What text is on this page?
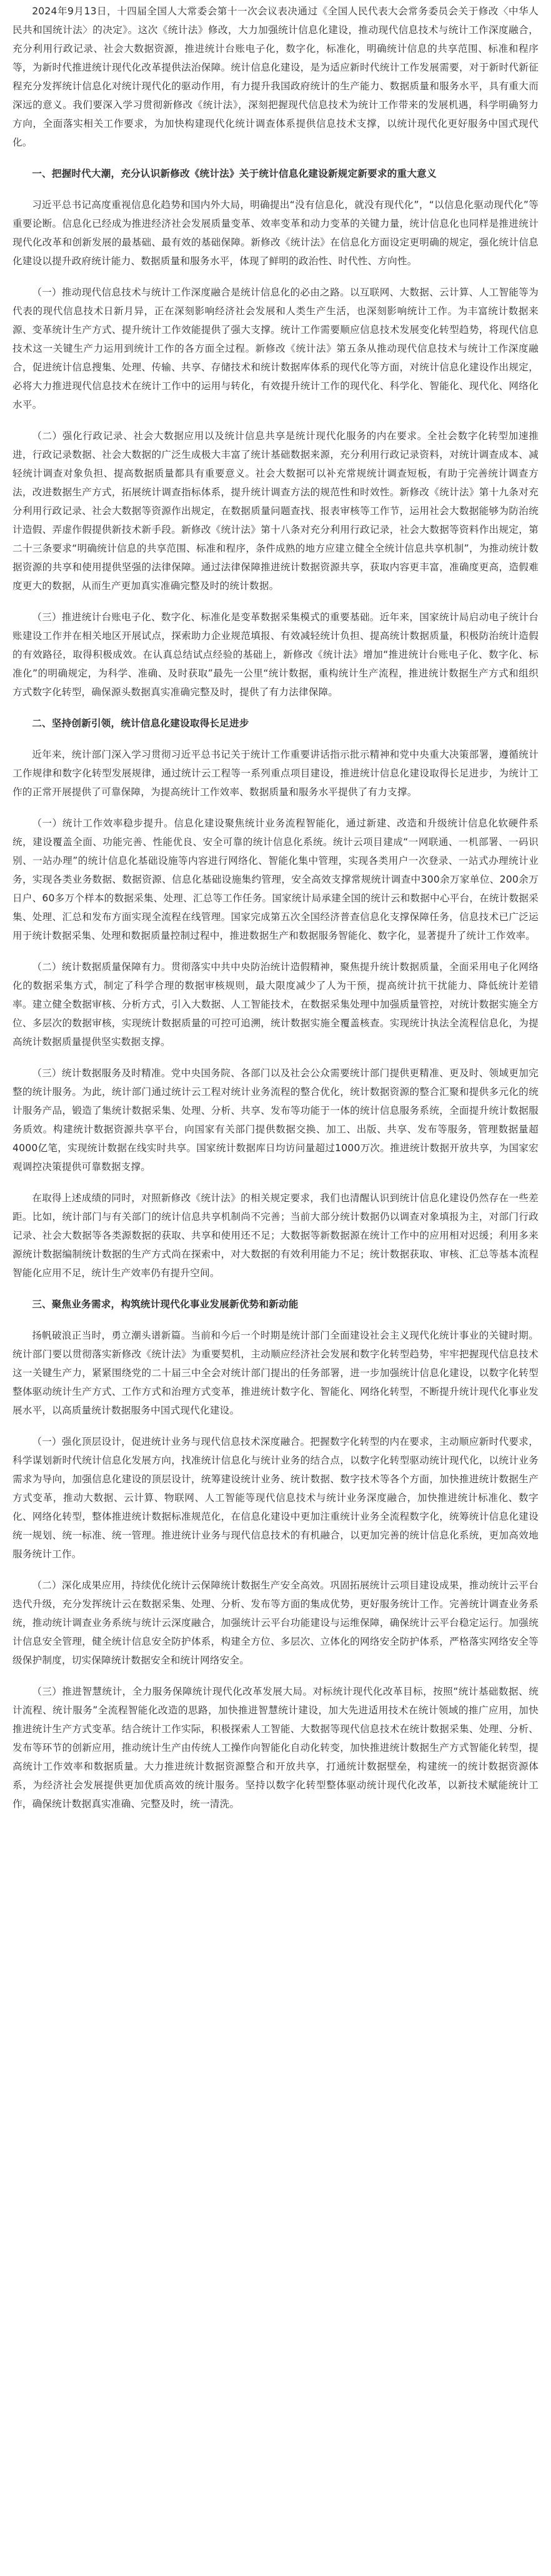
2024年9月13日，十四届全国人大常委会第十一次会议表决通过《全国人民代表大会常务委员会关于修改〈中华人民共和国统计法〉的决定》。这次《统计法》修改，大力加强统计信息化建设，推动现代信息技术与统计工作深度融合，充分利用行政记录、社会大数据资源，推进统计台账电子化，数字化，标准化，明确统计信息的共享范围、标准和程序等，为新时代推进统计现代化改革提供法治保障。统计信息化建设，是为适应新时代统计工作发展需要，对于新时代新征程充分发挥统计信息化对统计现代化的驱动作用，有力提升我国政府统计的生产能力、数据质量和服务水平，具有重大而深远的意义。我们要深入学习贯彻新修改《统计法》，深刻把握现代信息技术为统计工作带来的发展机遇，科学明确努力方向，全面落实相关工作要求，为加快构建现代化统计调查体系提供信息技术支撑，以统计现代化更好服务中国式现代化。

一、把握时代大潮，充分认识新修改《统计法》关于统计信息化建设新规定新要求的重大意义

习近平总书记高度重视信息化趋势和国内外大局，明确提出“没有信息化，就没有现代化”，“以信息化驱动现代化”等重要论断。信息化已经成为推进经济社会发展质量变革、效率变革和动力变革的关键力量，统计信息化也同样是推进统计现代化改革和创新发展的最基础、最有效的基础保障。新修改《统计法》在信息化方面设定更明确的规定，强化统计信息化建设以提升政府统计能力、数据质量和服务水平，体现了鲜明的政治性、时代性、方向性。

（一）推动现代信息技术与统计工作深度融合是统计信息化的必由之路。以互联网、大数据、云计算、人工智能等为代表的现代信息技术日新月异，正在深刻影响经济社会发展和人类生产生活，也深刻影响统计工作。为丰富统计数据来源、变革统计生产方式、提升统计工作效能提供了强大支撑。统计工作需要顺应信息技术发展变化转型趋势，将现代信息技术这一关键生产力运用到统计工作的各方面全过程。新修改《统计法》第五条从推动现代信息技术与统计工作深度融合，促进统计信息搜集、处理、传输、共享、存储技术和统计数据库体系的现代化等方面，对统计信息化建设作出规定，必将大力推进现代信息技术在统计工作中的运用与转化，有效提升统计工作的现代化、科学化、智能化、现代化、网络化水平。

（二）强化行政记录、社会大数据应用以及统计信息共享是统计现代化服务的内在要求。全社会数字化转型加速推进，行政记录数据、社会大数据的广泛生成极大丰富了统计基础数据来源，充分利用行政记录资料，对统计调查成本、减轻统计调查对象负担、提高数据质量都具有重要意义。社会大数据可以补充常规统计调查短板，有助于完善统计调查方法，改进数据生产方式，拓展统计调查指标体系，提升统计调查方法的规范性和时效性。新修改《统计法》第十九条对充分利用行政记录、社会大数据等资源作出规定，在数据质量问题查找、报表审核等工作节，运用社会大数据能够为防治统计造假、弄虚作假提供新技术新手段。新修改《统计法》第十八条对充分利用行政记录，社会大数据等资料作出规定，第二十三条要求“明确统计信息的共享范围、标准和程序，条件成熟的地方应建立健全全统计信息共享机制”，为推动统计数据资源的共享和使用提供坚强的法律保障。通过法律保障推进统计数据资源共享，获取内容更丰富，准确度更高，造假难度更大的数据，从而生产更加真实准确完整及时的统计数据。

（三）推进统计台账电子化、数字化、标准化是变革数据采集模式的重要基础。近年来，国家统计局启动电子统计台账建设工作并在相关地区开展试点，探索助力企业规范填报、有效减轻统计负担、提高统计数据质量，积极防治统计造假的有效路径，取得积极成效。在认真总结试点经验的基础上，新修改《统计法》增加“推进统计台账电子化、数字化、标准化”的明确规定，为科学、准确、及时获取”最先一公里“统计数据，重构统计生产流程，推进统计数据生产方式和组织方式数字化转型，确保源头数据真实准确完整及时，提供了有力法律保障。

二、坚持创新引领，统计信息化建设取得长足进步

近年来，统计部门深入学习贯彻习近平总书记关于统计工作重要讲话指示批示精神和党中央重大决策部署，遵循统计工作规律和数字化转型发展规律，通过统计云工程等一系列重点项目建设，推进统计信息化建设取得长足进步，为统计工作的正常开展提供了可靠保障，为提高统计工作效率、数据质量和服务水平提供了有力支撑。

（一）统计工作效率稳步提升。信息化建设聚焦统计业务流程智能化，通过新建、改造和升级统计信息化软硬件系统，建设覆盖全面、功能完善、性能优良、安全可靠的统计信息化系统。统计云项目建成“一网联通、一机部署、一码识别、一站办理”的统计信息化基础设施等内容进行网络化、智能化集中管理，实现各类用户一次登录、一站式办理统计业务，实现各类业务数据、数据资源、信息化基础设施集约管理，安全高效支撑常规统计调查中300余万家单位、200余万日户、60多万个样本的数据采集、处理、汇总等工作任务。国家统计局承建全国的统计云和数据中心平台，在统计数据采集、处理、汇总和发布方面实现全流程在线管理。国家完成第五次全国经济普查信息化支撑保障任务，信息技术已广泛运用于统计数据采集、处理和数据质量控制过程中，推进数据生产和数据服务智能化、数字化，显著提升了统计工作效率。

（二）统计数据质量保障有力。贯彻落实中共中央防治统计造假精神，聚焦提升统计数据质量，全面采用电子化网络化的数据采集方式，制定了科学合理的数据审核规则，最大限度减少了人为干预，提高统计抗干扰能力、降低统计差错率。建立健全数据审核、分析方式，引入大数据、人工智能技术，在数据采集处理中加强质量管控，对统计数据实施全方位、多层次的数据审核，实现统计数据质量的可控可追溯，统计数据实施全覆盖核查。实现统计执法全流程信息化，为提高统计数据质量提供坚实数据支撑。

（三）统计数据服务及时精准。党中央国务院、各部门以及社会公众需要统计部门提供更精准、更及时、领域更加完整的统计服务。为此，统计部门通过统计云工程对统计业务流程的整合优化，统计数据资源的整合汇聚和提供多元化的统计服务产品，锻造了集统计数据采集、处理、分析、共享、发布等功能于一体的统计信息服务系统，全面提升统计数据服务质效。构建统计数据资源共享平台，向国家有关部门提供数据交换、加工、出版、共享、发布等服务，管理数据量超4000亿笔，实现统计数据在线实时共享。国家统计数据库日均访问量超过1000万次。推进统计数据开放共享，为国家宏观调控决策提供可靠数据支撑。

在取得上述成绩的同时，对照新修改《统计法》的相关规定要求，我们也清醒认识到统计信息化建设仍然存在一些差距。比如，统计部门与有关部门的统计信息共享机制尚不完善；当前大部分统计数据仍以调查对象填报为主，对部门行政记录、社会大数据等各类源数据的获取、共享和使用还不足；大数据等新数据源在统计工作中的应用相对迟缓；利用多来源统计数据编制统计数据的生产方式尚在探索中，对大数据的有效利用能力不足；统计数据获取、审核、汇总等基本流程智能化应用不足，统计生产效率仍有提升空间。

三、聚焦业务需求，构筑统计现代化事业发展新优势和新动能

扬帆破浪正当时，勇立潮头谱新篇。当前和今后一个时期是统计部门全面建设社会主义现代化统计事业的关键时期。统计部门要以贯彻落实新修改《统计法》为重要契机，主动顺应经济社会发展和数字化转型趋势，牢牢把握现代信息技术这一关键生产力，紧紧围绕党的二十届三中全会对统计部门提出的任务部署，进一步加强统计信息化建设，以数字化转型整体驱动统计生产方式、工作方式和治理方式变革，推进统计数字化、智能化、网络化转型，不断提升统计现代化事业发展水平，以高质量统计数据服务中国式现代化建设。

（一）强化顶层设计，促进统计业务与现代信息技术深度融合。把握数字化转型的内在要求，主动顺应新时代要求，科学谋划新时代统计信息化发展方向，找准统计信息化与统计业务的结合点，以数字化转型驱动统计现代化，以统计业务需求为导向，加强信息化建设的顶层设计，统筹建设统计业务、统计数据、数字技术等各个方面，加快推进统计数据生产方式变革，推动大数据、云计算、物联网、人工智能等现代信息技术与统计业务深度融合，加快推进统计标准化、数字化、网络化转型，整体推进统计数据标准规范化，在信息化建设中更加注重统计业务全流程数字化，统筹统计信息化建设统一规划、统一标准、统一管理。推进统计业务与现代信息技术的有机融合，以更加完善的统计信息化系统，更加高效地服务统计工作。

（二）深化成果应用，持续优化统计云保障统计数据生产安全高效。巩固拓展统计云项目建设成果，推动统计云平台迭代升级，充分发挥统计云在数据采集、处理、分析、发布等方面的集成优势，更好服务统计工作。完善统计调查业务系统，推动统计调查业务系统与统计云深度融合，加强统计云平台功能建设与运维保障，确保统计云平台稳定运行。加强统计信息安全管理，健全统计信息安全防护体系，构建全方位、多层次、立体化的网络安全防护体系，严格落实网络安全等级保护制度，切实保障统计数据安全和统计网络安全。

（三）推进智慧统计，全力服务保障统计现代化改革发展大局。对标统计现代化改革目标，按照“统计基础数据、统计流程、统计服务”全流程智能化改造的思路，加快推进智慧统计建设，加大先进适用技术在统计领域的推广应用，加快推进统计生产方式变革。结合统计工作实际，积极探索人工智能、大数据等现代信息技术在统计数据采集、处理、分析、发布等环节的创新应用，推动统计生产由传统人工操作向智能化自动化转变，加快推进统计数据生产方式智能化转型，提高统计工作效率和数据质量。大力推进统计数据资源整合和开放共享，打通统计数据壁垒，构建统一的统计数据资源体系，为经济社会发展提供更加优质高效的统计服务。坚持以数字化转型整体驱动统计现代化改革，以新技术赋能统计工作，确保统计数据真实准确、完整及时，统一清洗。
